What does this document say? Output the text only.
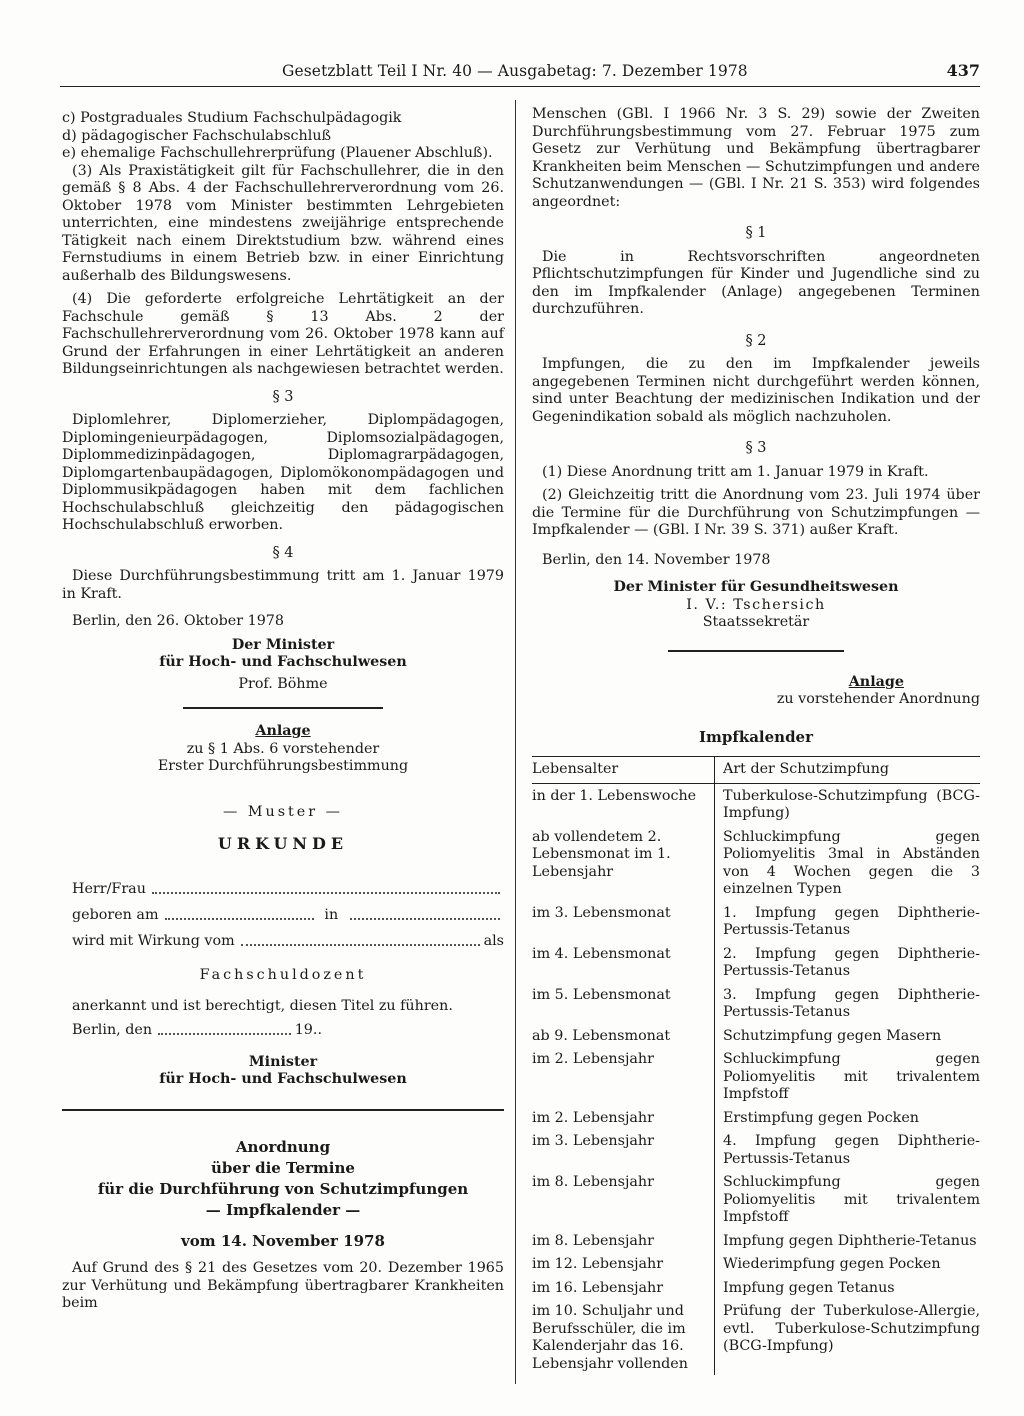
Gesetzblatt Teil I Nr. 40 — Ausgabetag: 7. Dezember 1978	437

c) Postgraduales Studium Fachschulpädagogik

d) pädagogischer Fachschulabschluß

e) ehemalige Fachschullehrerprüfung (Plauener Abschluß).

(3) Als Praxistätigkeit gilt für Fachschullehrer, die in den gemäß § 8 Abs. 4 der Fachschullehrerverordnung vom 26. Oktober 1978 vom Minister bestimmten Lehrgebieten unterrichten, eine mindestens zweijährige entsprechende Tätigkeit nach einem Direktstudium bzw. während eines Fernstudiums in einem Betrieb bzw. in einer Einrichtung außerhalb des Bildungswesens.

(4) Die geforderte erfolgreiche Lehrtätigkeit an der Fachschule gemäß § 13 Abs. 2 der Fachschullehrerverordnung vom 26. Oktober 1978 kann auf Grund der Erfahrungen in einer Lehrtätigkeit an anderen Bildungseinrichtungen als nachgewiesen betrachtet werden.

§ 3

Diplomlehrer, Diplomerzieher, Diplompädagogen, Diplomingenieurpädagogen, Diplomsozialpädagogen, Diplommedizinpädagogen, Diplomagrarpädagogen, Diplomgartenbaupädagogen, Diplomökonompädagogen und Diplommusikpädagogen haben mit dem fachlichen Hochschulabschluß gleichzeitig den pädagogischen Hochschulabschluß erworben.

§ 4

Diese Durchführungsbestimmung tritt am 1. Januar 1979 in Kraft.

Berlin, den 26. Oktober 1978

Der Minister

für Hoch- und Fachschulwesen

Prof. Böhme

Anlage

zu § 1 Abs. 6 vorstehender

Erster Durchführungsbestimmung

— Muster —

URKUNDE
Herr/Frau
geboren am	in
wird mit Wirkung vom	als

Fachschuldozent

anerkannt und ist berechtigt, diesen Titel zu führen.

Berlin, den	19..

Minister

für Hoch- und Fachschulwesen

Anordnung

über die Termine

für die Durchführung von Schutzimpfungen

— Impfkalender —

vom 14. November 1978

Auf Grund des § 21 des Gesetzes vom 20. Dezember 1965 zur Verhütung und Bekämpfung übertragbarer Krankheiten beim

Menschen (GBl. I 1966 Nr. 3 S. 29) sowie der Zweiten Durchführungsbestimmung vom 27. Februar 1975 zum Gesetz zur Verhütung und Bekämpfung übertragbarer Krankheiten beim Menschen — Schutzimpfungen und andere Schutzanwendungen — (GBl. I Nr. 21 S. 353) wird folgendes angeordnet:

§ 1

Die in Rechtsvorschriften angeordneten Pflichtschutzimpfungen für Kinder und Jugendliche sind zu den im Impfkalender (Anlage) angegebenen Terminen durchzuführen.

§ 2

Impfungen, die zu den im Impfkalender jeweils angegebenen Terminen nicht durchgeführt werden können, sind unter Beachtung der medizinischen Indikation und der Gegenindikation sobald als möglich nachzuholen.

§ 3

(1) Diese Anordnung tritt am 1. Januar 1979 in Kraft.

(2) Gleichzeitig tritt die Anordnung vom 23. Juli 1974 über die Termine für die Durchführung von Schutzimpfungen — Impfkalender — (GBl. I Nr. 39 S. 371) außer Kraft.

Berlin, den 14. November 1978

Der Minister für Gesundheitswesen

I. V.: Tschersich

Staatssekretär

Anlage

zu vorstehender Anordnung

Impfkalender

Lebensalter	Art der Schutzimpfung
in der 1. Lebenswoche	Tuberkulose-Schutzimpfung (BCG-Impfung)
ab vollendetem 2. Lebensmonat im 1. Lebensjahr	Schluckimpfung gegen Poliomyelitis 3mal in Abständen von 4 Wochen gegen die 3 einzelnen Typen
im 3. Lebensmonat	1. Impfung gegen Diphtherie-Pertussis-Tetanus
im 4. Lebensmonat	2. Impfung gegen Diphtherie-Pertussis-Tetanus
im 5. Lebensmonat	3. Impfung gegen Diphtherie-Pertussis-Tetanus
ab 9. Lebensmonat	Schutzimpfung gegen Masern
im 2. Lebensjahr	Schluckimpfung gegen Poliomyelitis mit trivalentem Impfstoff
im 2. Lebensjahr	Erstimpfung gegen Pocken
im 3. Lebensjahr	4. Impfung gegen Diphtherie-Pertussis-Tetanus
im 8. Lebensjahr	Schluckimpfung gegen Poliomyelitis mit trivalentem Impfstoff
im 8. Lebensjahr	Impfung gegen Diphtherie-Tetanus
im 12. Lebensjahr	Wiederimpfung gegen Pocken
im 16. Lebensjahr	Impfung gegen Tetanus
im 10. Schuljahr und Berufsschüler, die im Kalenderjahr das 16. Lebensjahr vollenden	Prüfung der Tuberkulose-Allergie, evtl. Tuberkulose-Schutzimpfung (BCG-Impfung)
